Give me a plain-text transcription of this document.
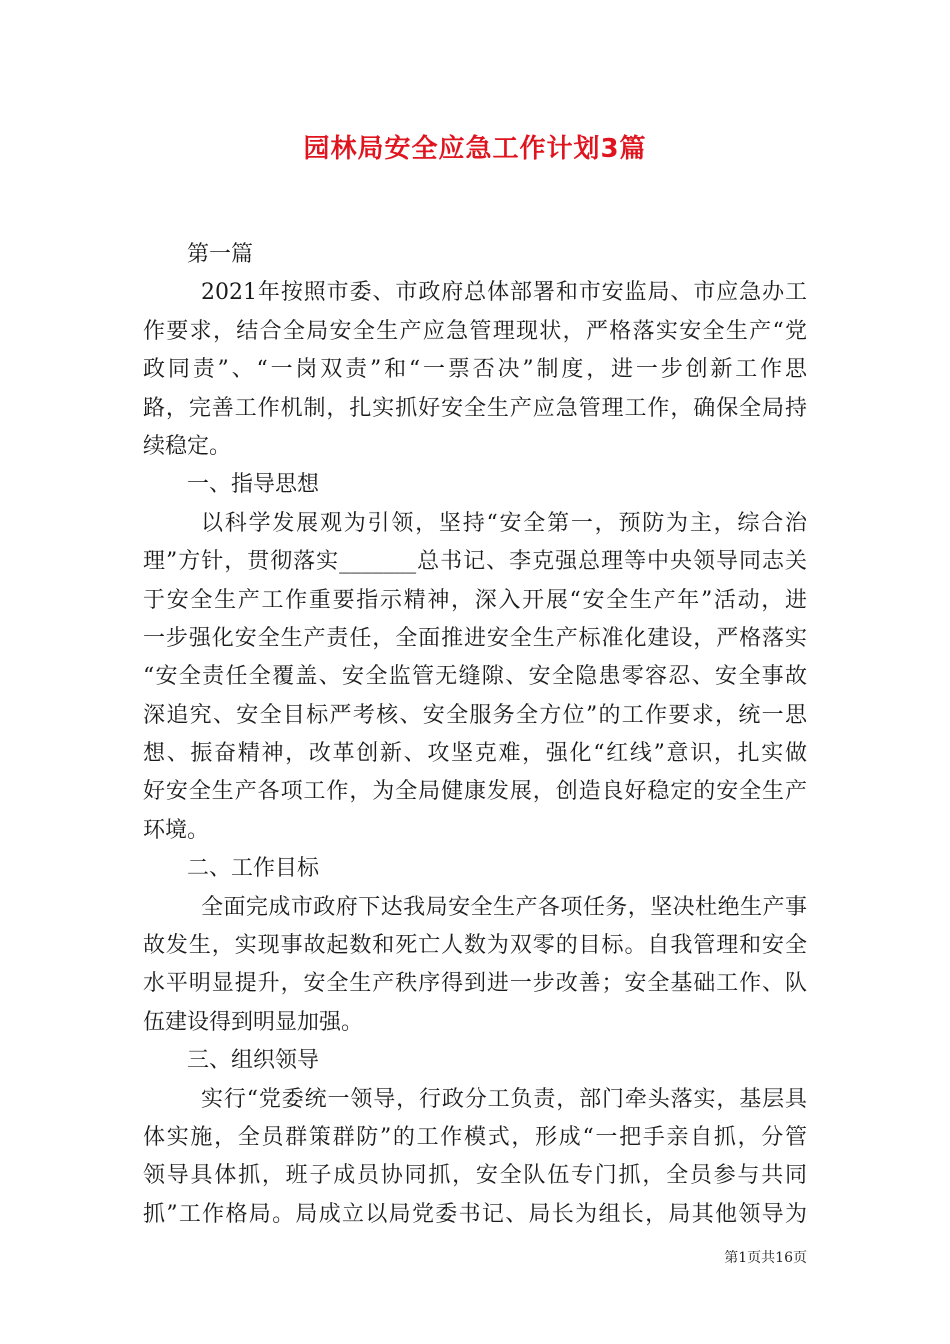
园林局安全应急工作计划3篇
第一篇
2021年按照市委、市政府总体部署和市安监局、市应急办工
作要求，结合全局安全生产应急管理现状，严格落实安全生产“党
政同责”、“一岗双责”和“一票否决”制度，进一步创新工作思
路，完善工作机制，扎实抓好安全生产应急管理工作，确保全局持
续稳定。
一、指导思想
以科学发展观为引领，坚持“安全第一，预防为主，综合治
理”方针，贯彻落实_______总书记、李克强总理等中央领导同志关
于安全生产工作重要指示精神，深入开展“安全生产年”活动，进
一步强化安全生产责任，全面推进安全生产标准化建设，严格落实
“安全责任全覆盖、安全监管无缝隙、安全隐患零容忍、安全事故
深追究、安全目标严考核、安全服务全方位”的工作要求，统一思
想、振奋精神，改革创新、攻坚克难，强化“红线”意识，扎实做
好安全生产各项工作，为全局健康发展，创造良好稳定的安全生产
环境。
二、工作目标
全面完成市政府下达我局安全生产各项任务，坚决杜绝生产事
故发生，实现事故起数和死亡人数为双零的目标。自我管理和安全
水平明显提升，安全生产秩序得到进一步改善；安全基础工作、队
伍建设得到明显加强。
三、组织领导
实行“党委统一领导，行政分工负责，部门牵头落实，基层具
体实施，全员群策群防”的工作模式，形成“一把手亲自抓，分管
领导具体抓，班子成员协同抓，安全队伍专门抓，全员参与共同
抓”工作格局。局成立以局党委书记、局长为组长，局其他领导为
第1页共16页
